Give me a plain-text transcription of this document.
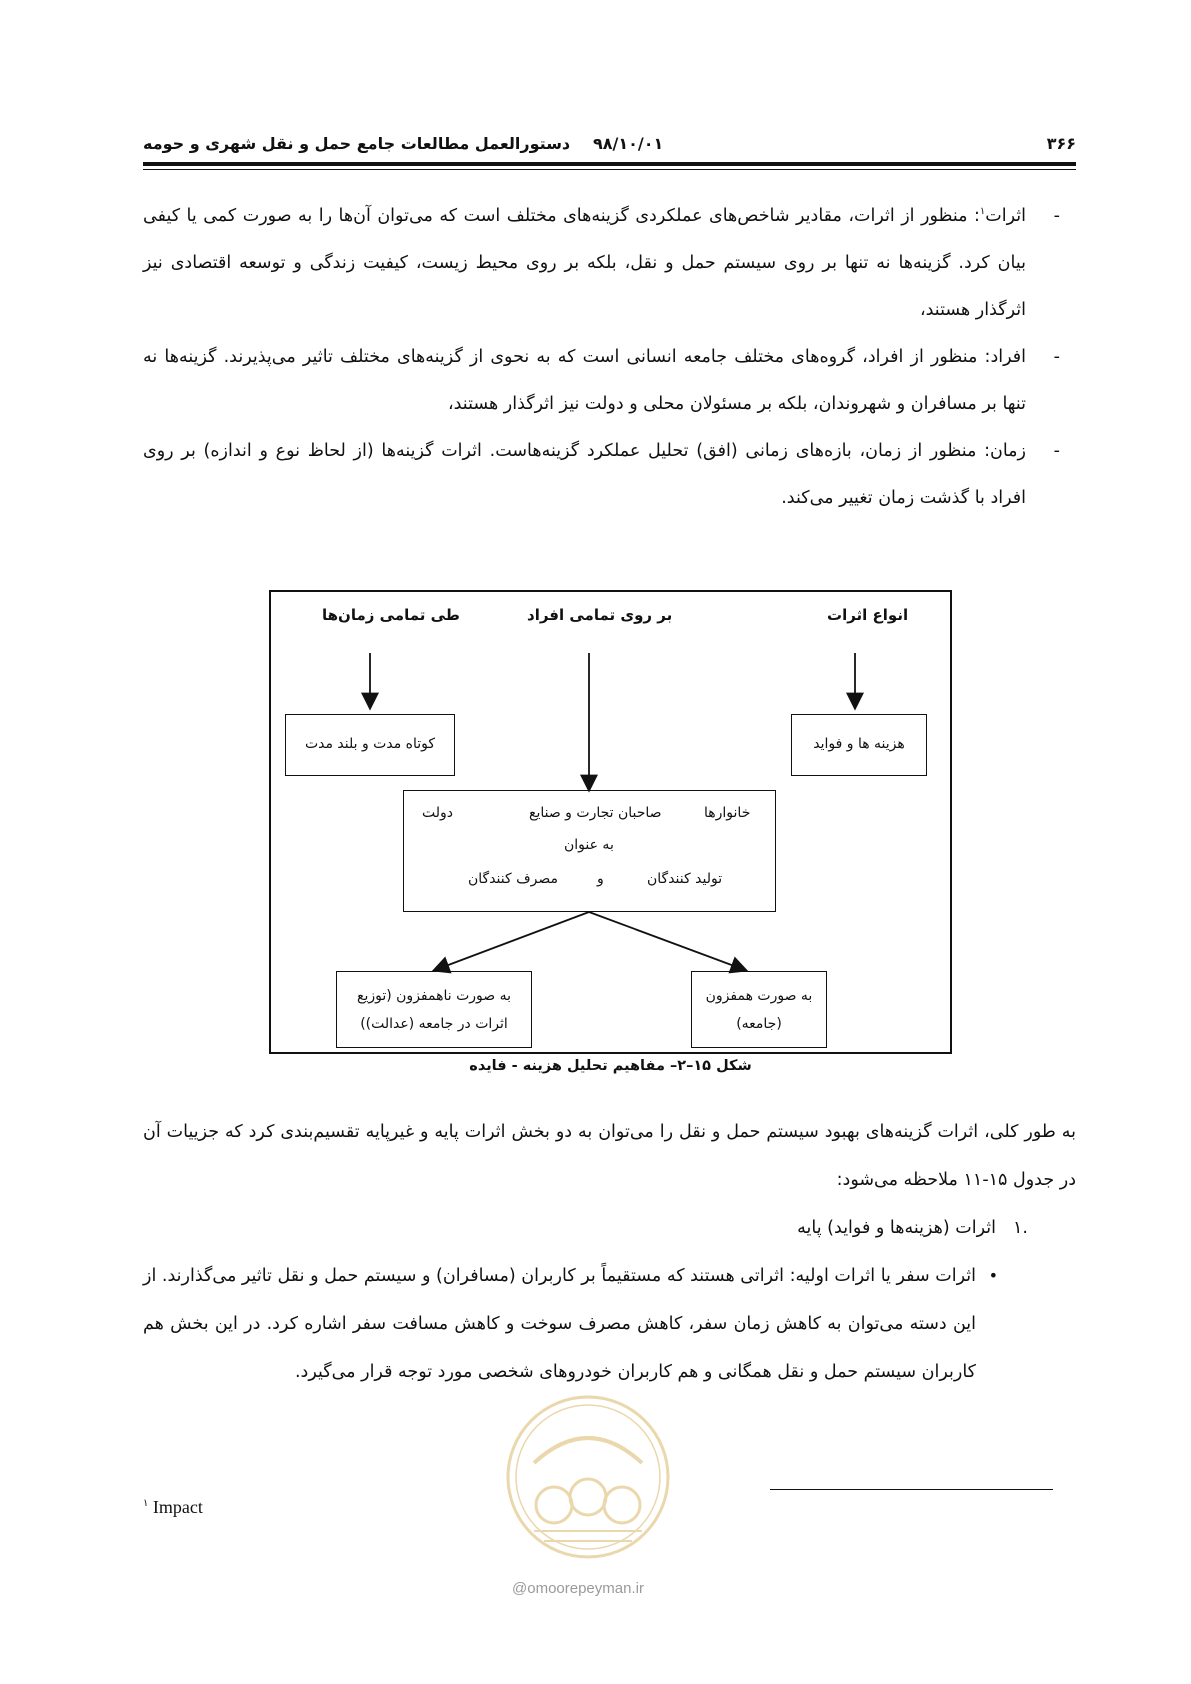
۳۶۶
۹۸/۱۰/۰۱
دستورالعمل مطالعات جامع حمل و نقل شهری و حومه
-
اثرات$^۱$: منظور از اثرات، مقادیر شاخص‌های عملکردی گزینه‌های مختلف است که می‌توان آن‌ها را به صورت کمی یا کیفی بیان کرد. گزینه‌ها نه تنها بر روی سیستم حمل و نقل، بلکه بر روی محیط زیست، کیفیت زندگی و توسعه اقتصادی نیز اثرگذار هستند،
-
افراد: منظور از افراد، گروه‌های مختلف جامعه انسانی است که به نحوی از گزینه‌های مختلف تاثیر می‌پذیرند. گزینه‌ها نه تنها بر مسافران و شهروندان، بلکه بر مسئولان محلی و دولت نیز اثرگذار هستند،
-
زمان: منظور از زمان، بازه‌های زمانی (افق) تحلیل عملکرد گزینه‌هاست. اثرات گزینه‌ها (از لحاظ نوع و اندازه) بر روی افراد با گذشت زمان تغییر می‌کند.
طی تمامی زمان‌ها	بر روی تمامی افراد	انواع اثرات
کوتاه مدت و بلند مدت	هزینه ها و فواید
خانوارها
صاحبان تجارت و صنایع
دولت
به عنوان
تولید کنندگان
و
مصرف کنندگان
به صورت ناهمفزون (توزیع
اثرات در جامعه (عدالت))
به صورت همفزون
(جامعه)
شکل ۱۵–۲– مفاهیم تحلیل هزینه - فایده
به طور کلی، اثرات گزینه‌های بهبود سیستم حمل و نقل را می‌توان به دو بخش اثرات پایه و غیرپایه تقسیم‌بندی کرد که جزییات آن در جدول ۱۵-۱۱ ملاحظه می‌شود:
.۱
اثرات (هزینه‌ها و فواید) پایه
•
اثرات سفر یا اثرات اولیه: اثراتی هستند که مستقیماً بر کاربران (مسافران) و سیستم حمل و نقل تاثیر می‌گذارند. از این دسته می‌توان به کاهش زمان سفر، کاهش مصرف سوخت و کاهش مسافت سفر اشاره کرد. در این بخش هم کاربران سیستم حمل و نقل همگانی و هم کاربران خودروهای شخصی مورد توجه قرار می‌گیرد.
@omoorepeyman.ir
$^۱$ Impact
